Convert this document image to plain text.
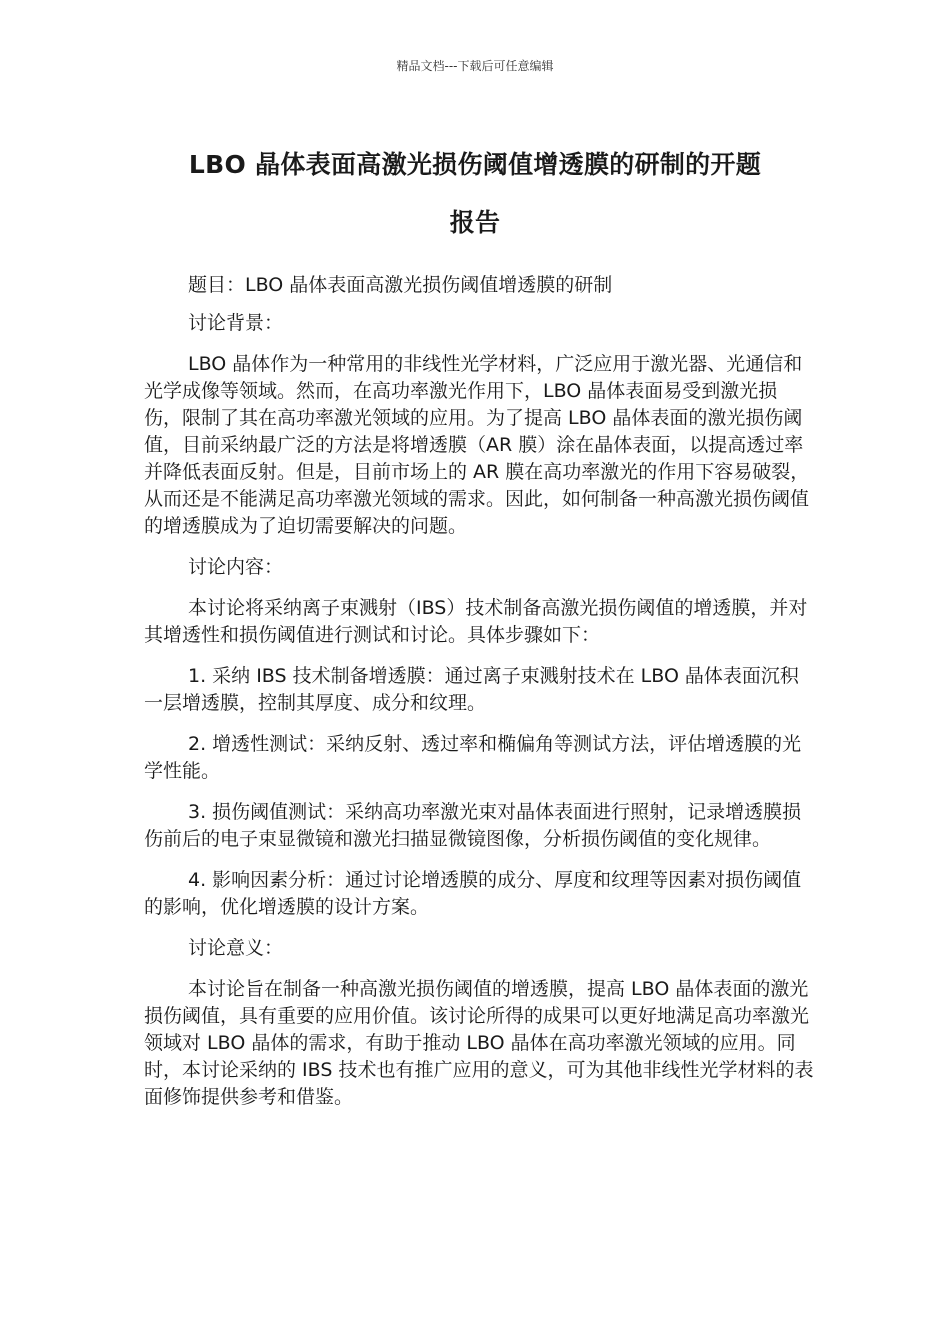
精品文档---下载后可任意编辑
LBO 晶体表面高激光损伤阈值增透膜的研制的开题
报告

题目：LBO 晶体表面高激光损伤阈值增透膜的研制

讨论背景：

LBO 晶体作为一种常用的非线性光学材料，广泛应用于激光器、光通信和光学成像等领域。然而，在高功率激光作用下，LBO 晶体表面易受到激光损伤，限制了其在高功率激光领域的应用。为了提高 LBO 晶体表面的激光损伤阈值，目前采纳最广泛的方法是将增透膜（AR 膜）涂在晶体表面，以提高透过率并降低表面反射。但是，目前市场上的 AR 膜在高功率激光的作用下容易破裂，从而还是不能满足高功率激光领域的需求。因此，如何制备一种高激光损伤阈值的增透膜成为了迫切需要解决的问题。

讨论内容：

本讨论将采纳离子束溅射（IBS）技术制备高激光损伤阈值的增透膜，并对其增透性和损伤阈值进行测试和讨论。具体步骤如下：

1. 采纳 IBS 技术制备增透膜：通过离子束溅射技术在 LBO 晶体表面沉积一层增透膜，控制其厚度、成分和纹理。

2. 增透性测试：采纳反射、透过率和椭偏角等测试方法，评估增透膜的光学性能。

3. 损伤阈值测试：采纳高功率激光束对晶体表面进行照射，记录增透膜损伤前后的电子束显微镜和激光扫描显微镜图像，分析损伤阈值的变化规律。

4. 影响因素分析：通过讨论增透膜的成分、厚度和纹理等因素对损伤阈值的影响，优化增透膜的设计方案。

讨论意义：

本讨论旨在制备一种高激光损伤阈值的增透膜，提高 LBO 晶体表面的激光损伤阈值，具有重要的应用价值。该讨论所得的成果可以更好地满足高功率激光领域对 LBO 晶体的需求，有助于推动 LBO 晶体在高功率激光领域的应用。同时，本讨论采纳的 IBS 技术也有推广应用的意义，可为其他非线性光学材料的表面修饰提供参考和借鉴。
